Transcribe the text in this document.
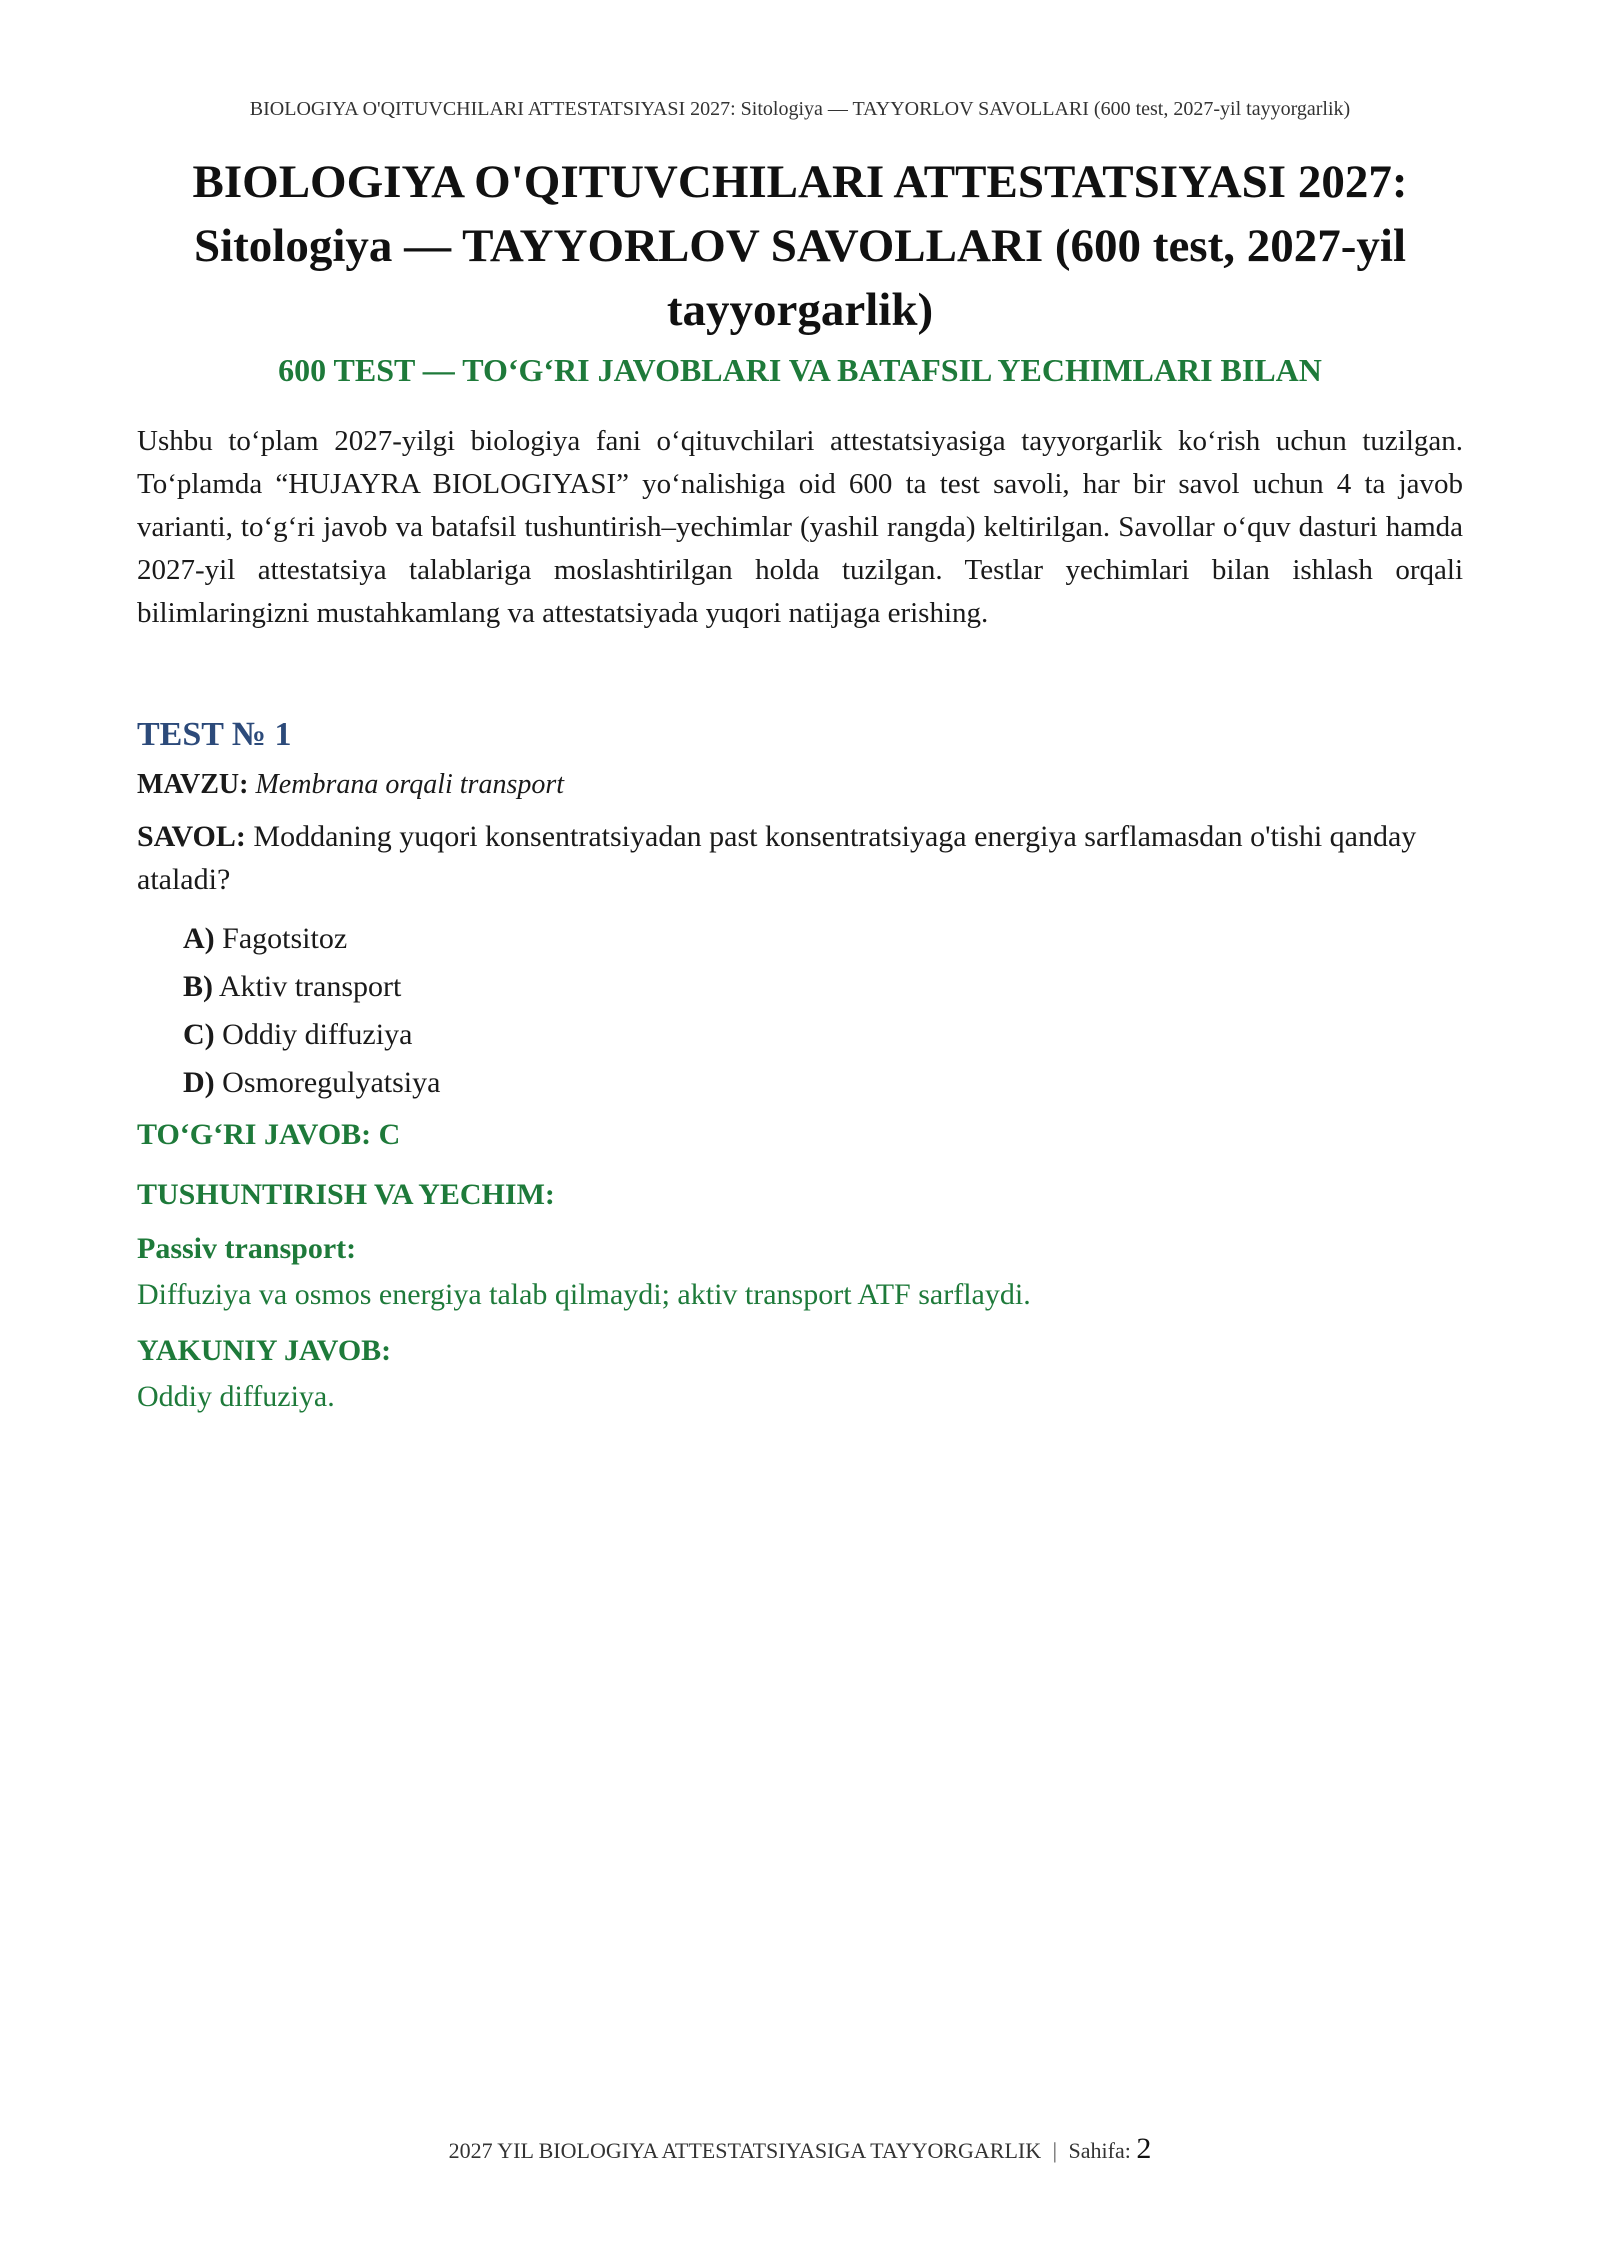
BIOLOGIYA O'QITUVCHILARI ATTESTATSIYASI 2027: Sitologiya — TAYYORLOV SAVOLLARI (600 test, 2027-yil tayyorgarlik)
BIOLOGIYA O'QITUVCHILARI ATTESTATSIYASI 2027: Sitologiya — TAYYORLOV SAVOLLARI (600 test, 2027-yil tayyorgarlik)
600 TEST — TO‘G‘RI JAVOBLARI VA BATAFSIL YECHIMLARI BILAN

Ushbu to‘plam 2027-yilgi biologiya fani o‘qituvchilari attestatsiyasiga tayyorgarlik ko‘rish uchun tuzilgan. To‘plamda “HUJAYRA BIOLOGIYASI” yo‘nalishiga oid 600 ta test savoli, har bir savol uchun 4 ta javob varianti, to‘g‘ri javob va batafsil tushuntirish–yechimlar (yashil rangda) keltirilgan. Savollar o‘quv dasturi hamda 2027-yil attestatsiya talablariga moslashtirilgan holda tuzilgan. Testlar yechimlari bilan ishlash orqali bilimlaringizni mustahkamlang va attestatsiyada yuqori natijaga erishing.

TEST № 1

MAVZU: Membrana orqali transport

SAVOL: Moddaning yuqori konsentratsiyadan past konsentratsiyaga energiya sarflamasdan o'tishi qanday ataladi?

A) Fagotsitoz
B) Aktiv transport
C) Oddiy diffuziya
D) Osmoregulyatsiya

TO‘G‘RI JAVOB: C

TUSHUNTIRISH VA YECHIM:

Passiv transport:

Diffuziya va osmos energiya talab qilmaydi; aktiv transport ATF sarflaydi.

YAKUNIY JAVOB:

Oddiy diffuziya.

2027 YIL BIOLOGIYA ATTESTATSIYASIGA TAYYORGARLIK | Sahifa: 2
